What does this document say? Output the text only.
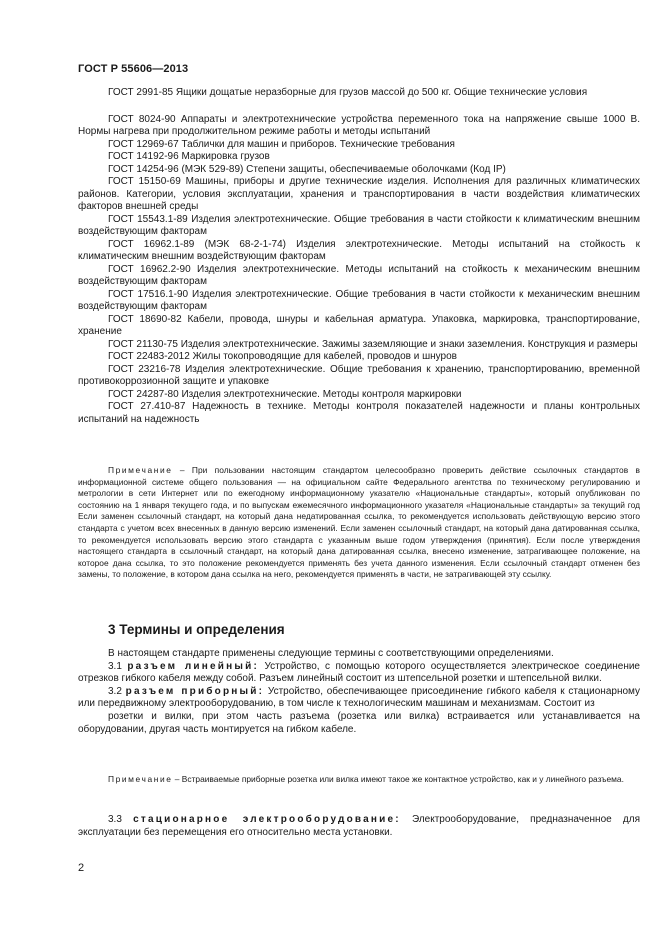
ГОСТ Р 55606—2013

ГОСТ 2991-85 Ящики дощатые неразборные для грузов массой до 500 кг. Общие технические условия

ГОСТ 8024-90 Аппараты и электротехнические устройства переменного тока на напряжение свыше 1000 В. Нормы нагрева при продолжительном режиме работы и методы испытаний

ГОСТ 12969-67 Таблички для машин и приборов. Технические требования

ГОСТ 14192-96 Маркировка грузов

ГОСТ 14254-96 (МЭК 529-89) Степени защиты, обеспечиваемые оболочками (Код IP)

ГОСТ 15150-69 Машины, приборы и другие технические изделия. Исполнения для различных климатических районов. Категории, условия эксплуатации, хранения и транспортирования в части воздействия климатических факторов внешней среды

ГОСТ 15543.1-89 Изделия электротехнические. Общие требования в части стойкости к климатическим внешним воздействующим факторам

ГОСТ 16962.1-89 (МЭК 68-2-1-74) Изделия электротехнические. Методы испытаний на стойкость к климатическим внешним воздействующим факторам

ГОСТ 16962.2-90 Изделия электротехнические. Методы испытаний на стойкость к механическим внешним воздействующим факторам

ГОСТ 17516.1-90 Изделия электротехнические. Общие требования в части стойкости к механическим внешним воздействующим факторам

ГОСТ 18690-82 Кабели, провода, шнуры и кабельная арматура. Упаковка, маркировка, транспортирование, хранение

ГОСТ 21130-75 Изделия электротехнические. Зажимы заземляющие и знаки заземления. Конструкция и размеры

ГОСТ 22483-2012 Жилы токопроводящие для кабелей, проводов и шнуров

ГОСТ 23216-78 Изделия электротехнические. Общие требования к хранению, транспортированию, временной противокоррозионной защите и упаковке

ГОСТ 24287-80 Изделия электротехнические. Методы контроля маркировки

ГОСТ 27.410-87 Надежность в технике. Методы контроля показателей надежности и планы контрольных испытаний на надежность

Примечание – При пользовании настоящим стандартом целесообразно проверить действие ссылочных стандартов в информационной системе общего пользования — на официальном сайте Федерального агентства по техническому регулированию и метрологии в сети Интернет или по ежегодному информационному указателю «Национальные стандарты», который опубликован по состоянию на 1 января текущего года, и по выпускам ежемесячного информационного указателя «Национальные стандарты» за текущий год Если заменен ссылочный стандарт, на который дана недатированная ссылка, то рекомендуется использовать действующую версию этого стандарта с учетом всех внесенных в данную версию изменений. Если заменен ссылочный стандарт, на который дана датированная ссылка, то рекомендуется использовать версию этого стандарта с указанным выше годом утверждения (принятия). Если после утверждения настоящего стандарта в ссылочный стандарт, на который дана датированная ссылка, внесено изменение, затрагивающее положение, на которое дана ссылка, то это положение рекомендуется применять без учета данного изменения. Если ссылочный стандарт отменен без замены, то положение, в котором дана ссылка на него, рекомендуется применять в части, не затрагивающей эту ссылку.

3 Термины и определения

В настоящем стандарте применены следующие термины с соответствующими определениями.

3.1 разъем линейный: Устройство, с помощью которого осуществляется электрическое соединение отрезков гибкого кабеля между собой. Разъем линейный состоит из штепсельной розетки и штепсельной вилки.

3.2 разъем приборный: Устройство, обеспечивающее присоединение гибкого кабеля к стационарному или передвижному электрооборудованию, в том числе к технологическим машинам и механизмам. Состоит из

розетки и вилки, при этом часть разъема (розетка или вилка) встраивается или устанавливается на оборудовании, другая часть монтируется на гибком кабеле.

Примечание – Встраиваемые приборные розетка или вилка имеют такое же контактное устройство, как и у линейного разъема.

3.3 стационарное электрооборудование: Электрооборудование, предназначенное для эксплуатации без перемещения его относительно места установки.

2
